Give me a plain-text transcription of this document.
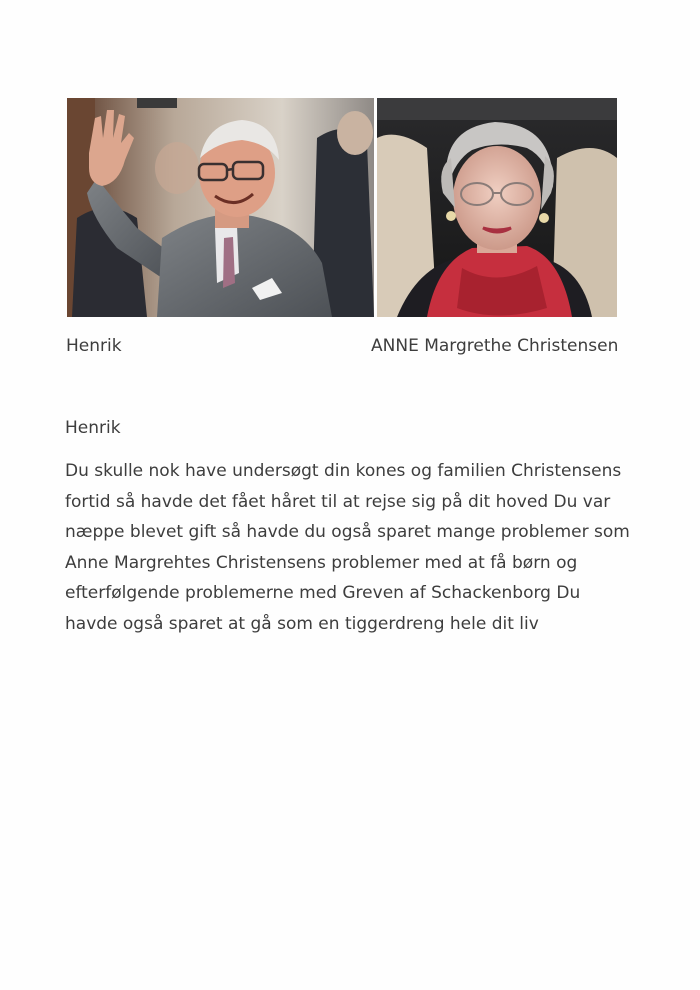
Henrik	ANNE Margrethe Christensen
Henrik
Du skulle nok have undersøgt din kones og familien Christensens
fortid så havde det fået håret til at rejse sig på dit hoved Du var
næppe blevet gift så havde du også sparet mange problemer som
Anne Margrehtes Christensens problemer med at få børn og
efterfølgende problemerne med Greven af Schackenborg Du
havde også sparet at gå som en tiggerdreng hele dit liv
